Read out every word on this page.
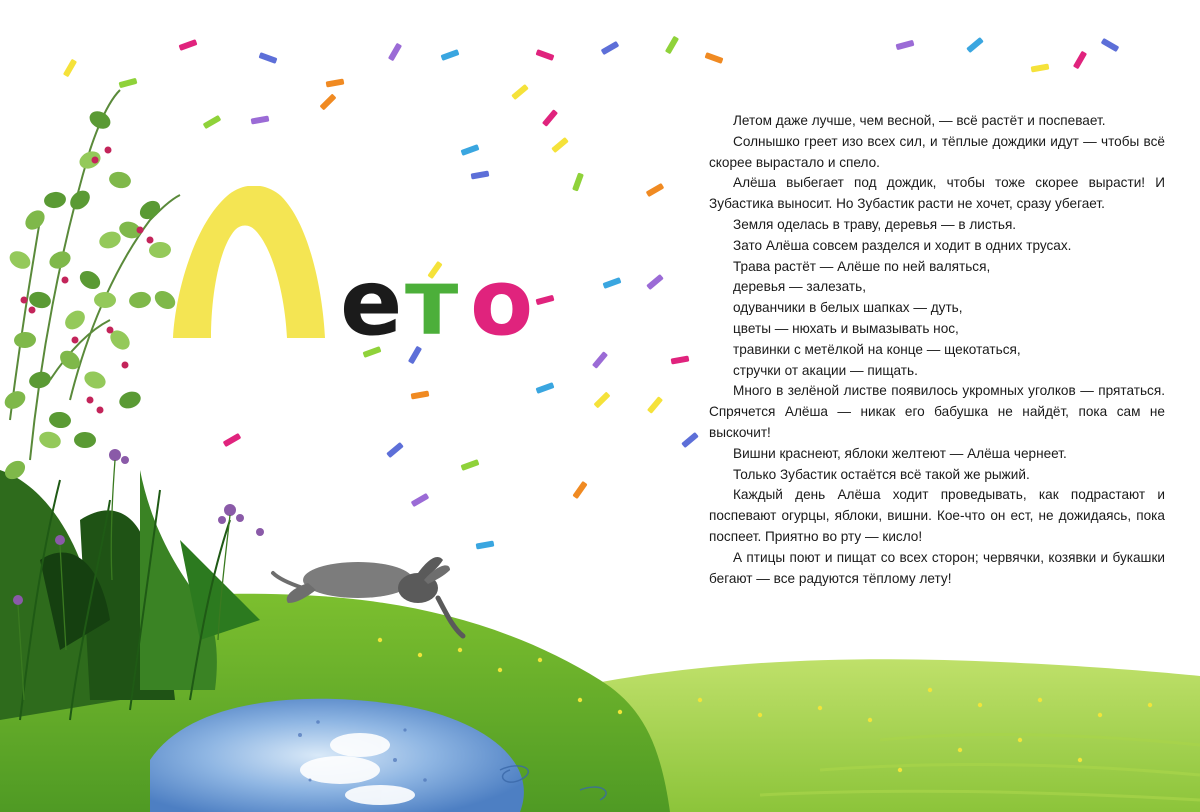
е т о

Летом даже лучше, чем весной, — всё растёт и поспевает.

Солнышко греет изо всех сил, и тёплые дождики идут — чтобы всё скорее вырастало и спело.

Алёша выбегает под дождик, чтобы тоже скорее вырасти! И Зубастика выносит. Но Зубастик расти не хочет, сразу убегает.

Земля оделась в траву, деревья — в листья.

Зато Алёша совсем разделся и ходит в одних трусах.

Трава растёт — Алёше по ней валяться,

деревья — залезать,

одуванчики в белых шапках — дуть,

цветы — нюхать и вымазывать нос,

травинки с метёлкой на конце — щекотаться,

стручки от акации — пищать.

Много в зелёной листве появилось укромных уголков — прятаться. Спрячется Алёша — никак его бабушка не найдёт, пока сам не выскочит!

Вишни краснеют, яблоки желтеют — Алёша чернеет.

Только Зубастик остаётся всё такой же рыжий.

Каждый день Алёша ходит проведывать, как подрастают и поспевают огурцы, яблоки, вишни. Кое-что он ест, не дожидаясь, пока поспеет. Приятно во рту — кисло!

А птицы поют и пищат со всех сторон; червячки, козявки и букашки бегают — все радуются тёплому лету!
